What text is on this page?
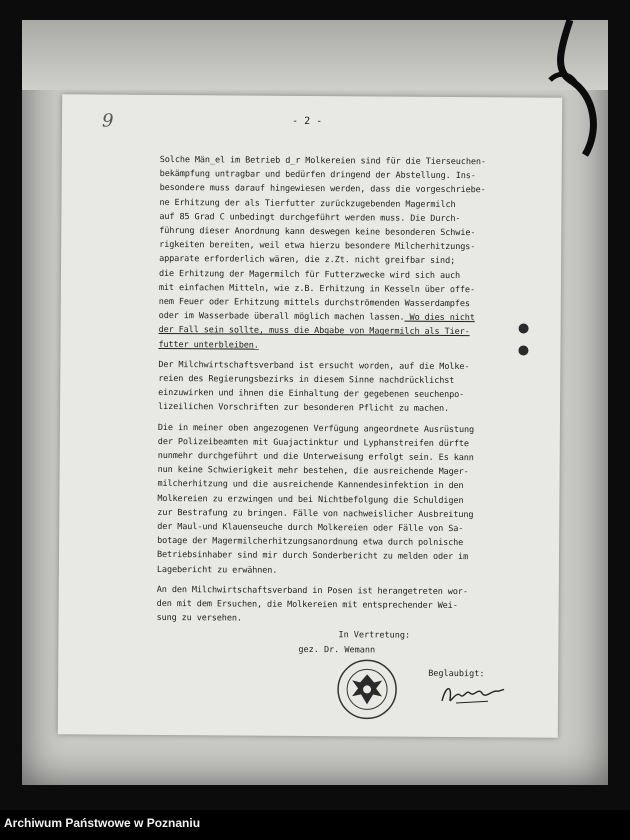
9	- 2 -
Solche Män_el im Betrieb d_r Molkereien sind für die Tierseuchen-
bekämpfung untragbar und bedürfen dringend der Abstellung. Ins-
besondere muss darauf hingewiesen werden, dass die vorgeschriebe-
ne Erhitzung der als Tierfutter zurückzugebenden Magermilch
auf 85 Grad C unbedingt durchgeführt werden muss. Die Durch-
führung dieser Anordnung kann deswegen keine besonderen Schwie-
rigkeiten bereiten, weil etwa hierzu besondere Milcherhitzungs-
apparate erforderlich wären, die z.Zt. nicht greifbar sind;
die Erhitzung der Magermilch für Futterzwecke wird sich auch
mit einfachen Mitteln, wie z.B. Erhitzung in Kesseln über offe-
nem Feuer oder Erhitzung mittels durchströmenden Wasserdampfes
oder im Wasserbade überall möglich machen lassen. Wo dies nicht
der Fall sein sollte, muss die Abgabe von Magermilch als Tier-
futter unterbleiben.
Der Milchwirtschaftsverband ist ersucht worden, auf die Molke-
reien des Regierungsbezirks in diesem Sinne nachdrücklichst
einzuwirken und ihnen die Einhaltung der gegebenen seuchenpo-
lizeilichen Vorschriften zur besonderen Pflicht zu machen.
Die in meiner oben angezogenen Verfügung angeordnete Ausrüstung
der Polizeibeamten mit Guajactinktur und Lyphanstreifen dürfte
nunmehr durchgeführt und die Unterweisung erfolgt sein. Es kann
nun keine Schwierigkeit mehr bestehen, die ausreichende Mager-
milcherhitzung und die ausreichende Kannendesinfektion in den
Molkereien zu erzwingen und bei Nichtbefolgung die Schuldigen
zur Bestrafung zu bringen. Fälle von nachweislicher Ausbreitung
der Maul-und Klauenseuche durch Molkereien oder Fälle von Sa-
botage der Magermilcherhitzungsanordnung etwa durch polnische
Betriebsinhaber sind mir durch Sonderbericht zu melden oder im
Lagebericht zu erwähnen.
An den Milchwirtschaftsverband in Posen ist herangetreten wor-
den mit dem Ersuchen, die Molkereien mit entsprechender Wei-
sung zu versehen.
In Vertretung:
gez. Dr. Wemann
Beglaubigt:
Archiwum Państwowe w Poznaniu
